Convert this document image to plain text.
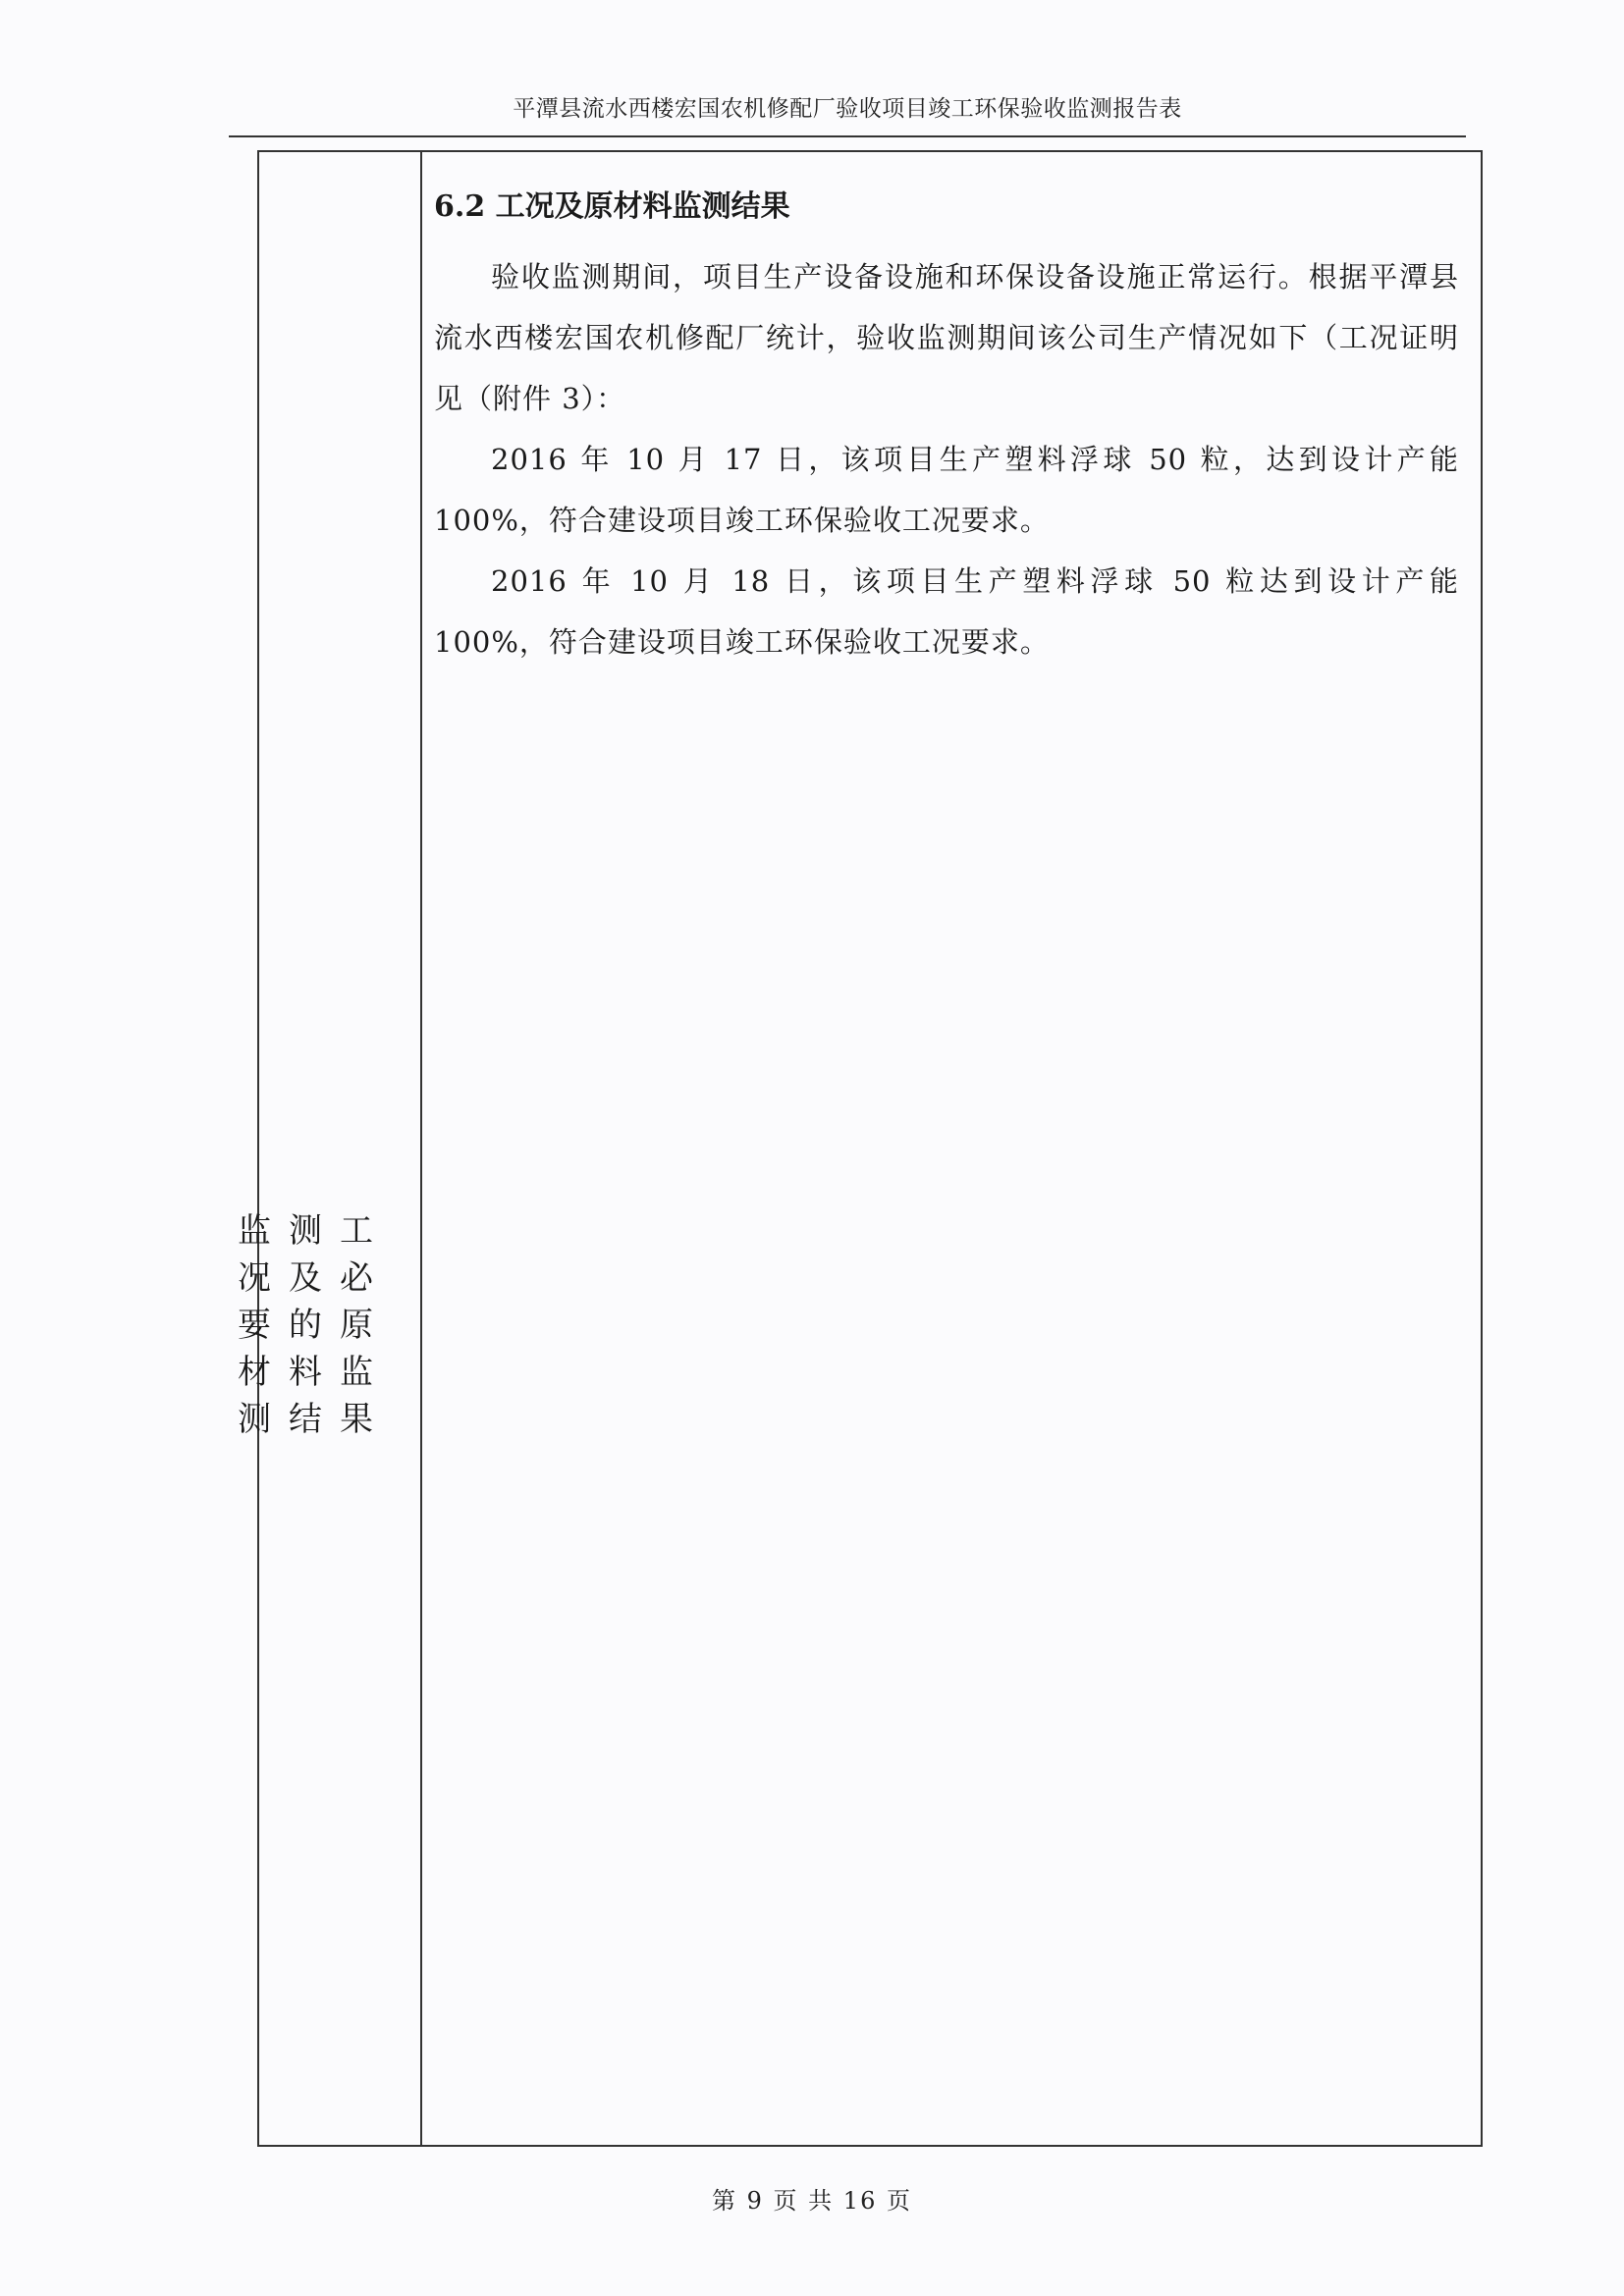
平潭县流水西楼宏国农机修配厂验收项目竣工环保验收监测报告表
监测工况及必要的原材料监测结果
6.2 工况及原材料监测结果

验收监测期间，项目生产设备设施和环保设备设施正常运行。根据平潭县流水西楼宏国农机修配厂统计，验收监测期间该公司生产情况如下（工况证明见（附件 3）：

2016 年 10 月 17 日，该项目生产塑料浮球 50 粒，达到设计产能 100%，符合建设项目竣工环保验收工况要求。

2016 年 10 月 18 日，该项目生产塑料浮球 50 粒达到设计产能 100%，符合建设项目竣工环保验收工况要求。

第 9 页 共 16 页
